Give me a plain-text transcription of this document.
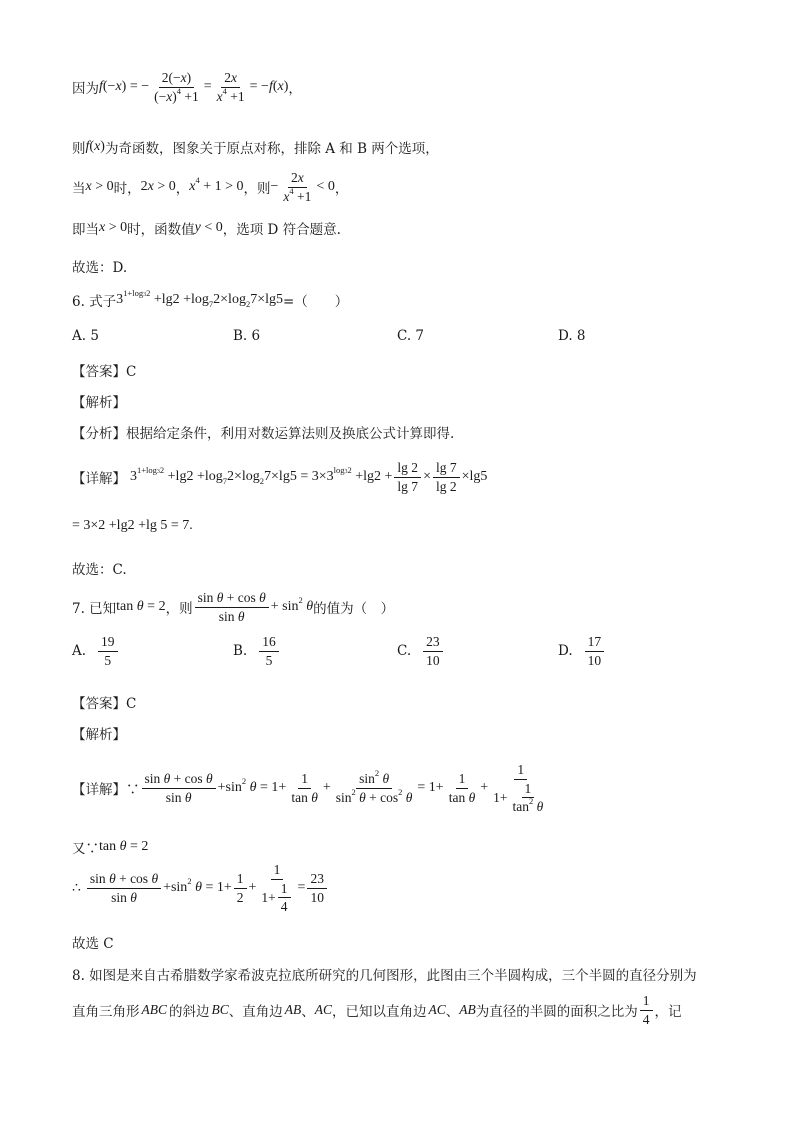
因为 f(−x) = − $\frac{2(-x)}{(-x)^4 +1} = \frac{2x}{x^4 +1} = -f(x)$ ，
则 f(x) 为奇函数，图象关于原点对称，排除 A 和 B 两个选项，
当 x > 0 时， 2x > 0 ， $x^4 + 1 > 0$ ，则 − $\frac{2x}{x^4 +1} < 0$ ，
即当 x > 0 时，函数值 y < 0 ，选项 D 符合题意.
故选：D.
6. 式子 $3^{1+log32} +\lg 2 +\log_72\times\log_27\times\lg 5$ =（　　）
A. 5	B. 6	C. 7	D. 8
【答案】C
【解析】
【分析】根据给定条件，利用对数运算法则及换底公式计算即得.
【详解】 $3^{1+log32} +\lg 2 +\log_72\times\log_27\times\lg 5 = 3\times 3^{log32} +\lg 2 + \frac{\lg 2}{\lg 7} \times \frac{\lg 7}{\lg 2} \times\lg 5$
= 3×2 +lg2 +lg 5 = 7.
故选：C.
7. 已知 tan θ = 2 ，则 $\frac{\text{sin θ + cos θ}}{\text{sin θ}} + \sin^2 \theta$ 的值为（　）
A. $\frac{19}{5}$	B. $\frac{16}{5}$	C. $\frac{23}{10}$	D. $\frac{17}{10}$
【答案】C
【解析】
【详解】∵ $\frac{\text{sin θ + cos θ}}{\text{sin θ}} +\sin^2$ $\theta = 1+ \frac{1}{\text{tan θ}} + \frac{\sin^2 \theta}{\sin^2 \theta + \cos^2 \theta} = 1+ \frac{1}{\text{tan θ}} + \frac{1}{1+ \frac{1}{\tan^2 \theta}}$
又∵ tan θ = 2
∴ $\frac{\text{sin θ + cos θ}}{\text{sin θ}} +\sin^2$ $\theta = 1+ \frac{1}{2} + \frac{1}{1+ \frac{1}{4}} = \frac{23}{10}$
故选 C
8. 如图是来自古希腊数学家希波克拉底所研究的几何图形，此图由三个半圆构成，三个半圆的直径分别为
直角三角形 ABC 的斜边 BC 、直角边 AB 、 AC ，已知以直角边 AC 、 AB 为直径的半圆的面积之比为 $\frac{1}{4}$ ，记
